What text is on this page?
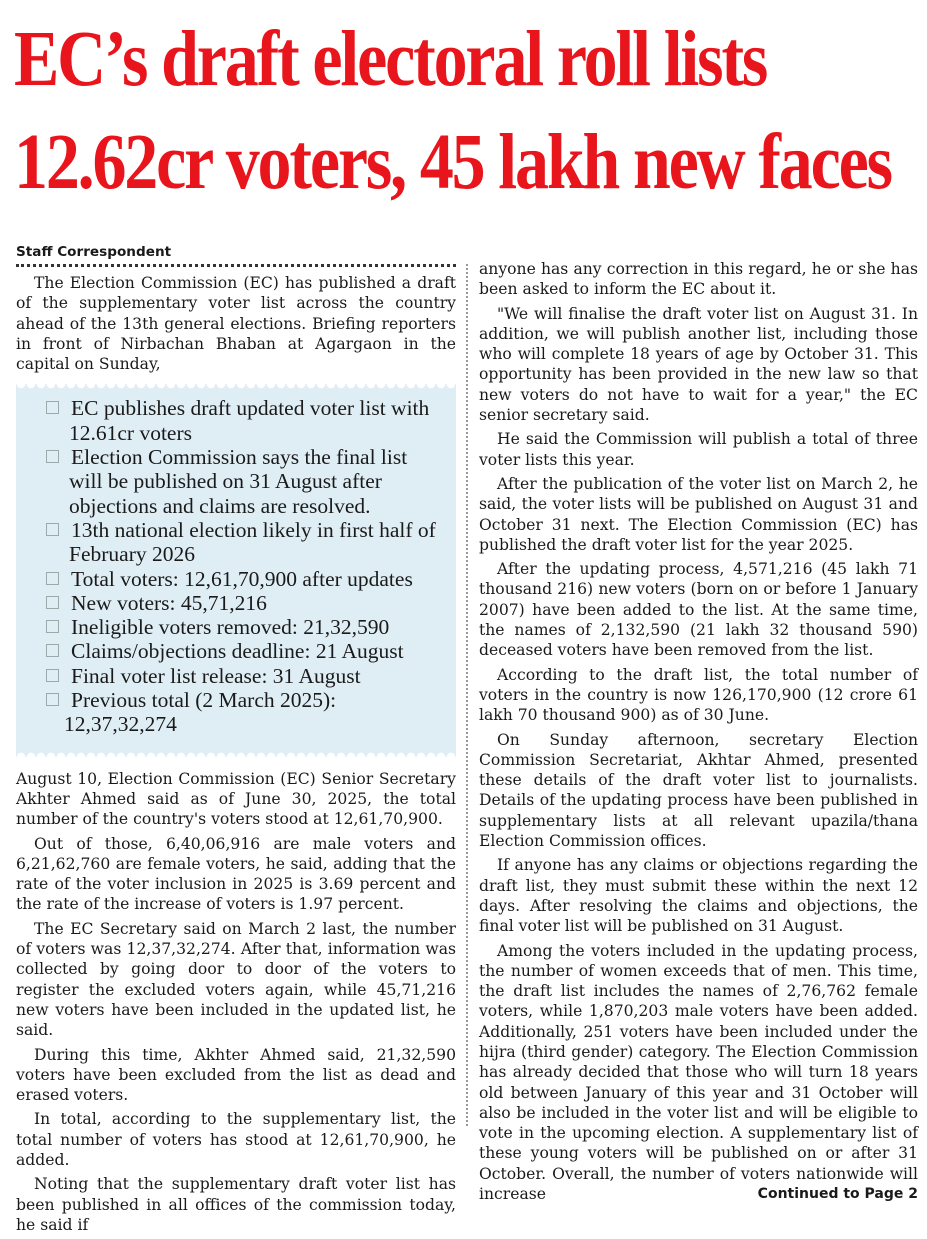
EC’s draft electoral roll lists
12.62cr voters, 45 lakh new faces
Staff Correspondent

The Election Commission (EC) has published a draft of the supplementary voter list across the country ahead of the 13th general elections. Briefing reporters in front of Nirbachan Bhaban at Agargaon in the capital on Sunday,

EC publishes draft updated voter list with 12.61cr voters
Election Commission says the final list will be published on 31 August after objections and claims are resolved.
13th national election likely in first half of February 2026
Total voters: 12,61,70,900 after updates
New voters: 45,71,216
Ineligible voters removed: 21,32,590
Claims/objections deadline: 21 August
Final voter list release: 31 August
Previous total (2 March 2025):
12,37,32,274

August 10, Election Commission (EC) Senior Secretary Akhter Ahmed said as of June 30, 2025, the total number of the country's voters stood at 12,61,70,900.

Out of those, 6,40,06,916 are male voters and 6,21,62,760 are female voters, he said, adding that the rate of the voter inclusion in 2025 is 3.69 percent and the rate of the increase of voters is 1.97 percent.

The EC Secretary said on March 2 last, the number of voters was 12,37,32,274. After that, information was collected by going door to door of the voters to register the excluded voters again, while 45,71,216 new voters have been included in the updated list, he said.

During this time, Akhter Ahmed said, 21,32,590 voters have been excluded from the list as dead and erased voters.

In total, according to the supplementary list, the total number of voters has stood at 12,61,70,900, he added.

Noting that the supplementary draft voter list has been published in all offices of the commission today, he said if

anyone has any correction in this regard, he or she has been asked to inform the EC about it.

"We will finalise the draft voter list on August 31. In addition, we will publish another list, including those who will complete 18 years of age by October 31. This opportunity has been provided in the new law so that new voters do not have to wait for a year," the EC senior secretary said.

He said the Commission will publish a total of three voter lists this year.

After the publication of the voter list on March 2, he said, the voter lists will be published on August 31 and October 31 next. The Election Commission (EC) has published the draft voter list for the year 2025.

After the updating process, 4,571,216 (45 lakh 71 thousand 216) new voters (born on or before 1 January 2007) have been added to the list. At the same time, the names of 2,132,590 (21 lakh 32 thousand 590) deceased voters have been removed from the list.

According to the draft list, the total number of voters in the country is now 126,170,900 (12 crore 61 lakh 70 thousand 900) as of 30 June.

On Sunday afternoon, secretary Election Commission Secretariat, Akhtar Ahmed, presented these details of the draft voter list to journalists. Details of the updating process have been published in supplementary lists at all relevant upazila/thana Election Commission offices.

If anyone has any claims or objections regarding the draft list, they must submit these within the next 12 days. After resolving the claims and objections, the final voter list will be published on 31 August.

Among the voters included in the updating process, the number of women exceeds that of men. This time, the draft list includes the names of 2,76,762 female voters, while 1,870,203 male voters have been added. Additionally, 251 voters have been included under the hijra (third gender) category. The Election Commission has already decided that those who will turn 18 years old between January of this year and 31 October will also be included in the voter list and will be eligible to vote in the upcoming election. A supplementary list of these young voters will be published on or after 31 October. Overall, the number of voters nationwide will increase	Continued to Page 2
